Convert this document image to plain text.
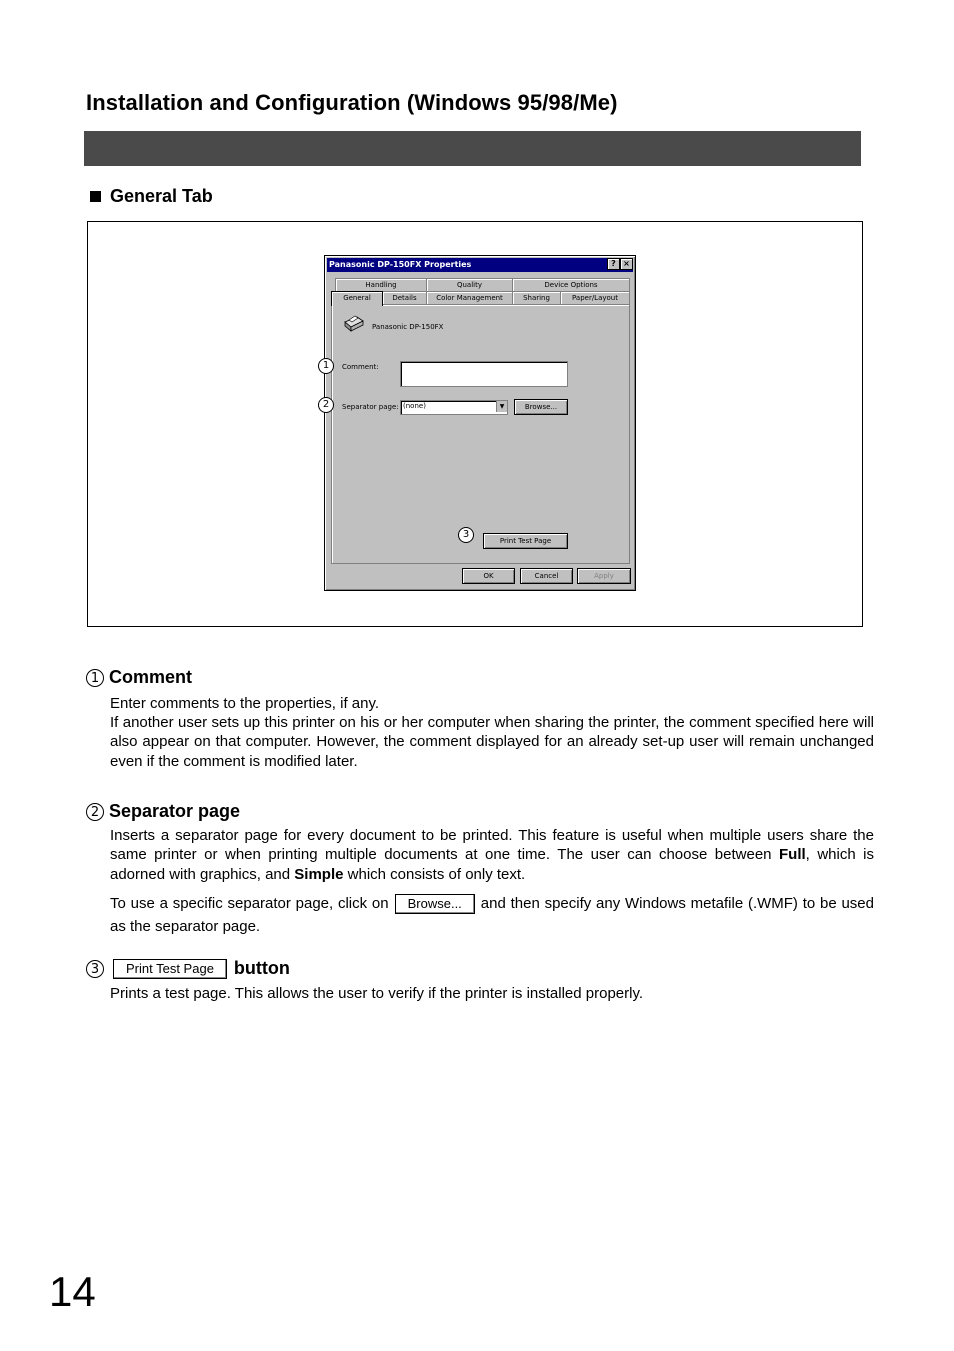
Installation and Configuration (Windows 95/98/Me)
General Tab
Panasonic DP-150FX Properties	? ×
Handling	Quality	Device Options
General	Details	Color Management	Sharing	Paper/Layout
Panasonic DP-150FX
Comment:
Separator page: (none)	▼	Browse...
Print Test Page
OK	Cancel	Apply
1
2
3
1 Comment
Enter comments to the properties, if any.
If another user sets up this printer on his or her computer when sharing the printer, the comment specified here will also appear on that computer. However, the comment displayed for an already set-up user will remain unchanged even if the comment is modified later.
2 Separator page
Inserts a separator page for every document to be printed. This feature is useful when multiple users share the same printer or when printing multiple documents at one time. The user can choose between Full, which is adorned with graphics, and Simple which consists of only text.
To use a specific separator page, click on Browse... and then specify any Windows metafile (.WMF) to be used as the separator page.
3	Print Test Page	button
Prints a test page. This allows the user to verify if the printer is installed properly.
14
